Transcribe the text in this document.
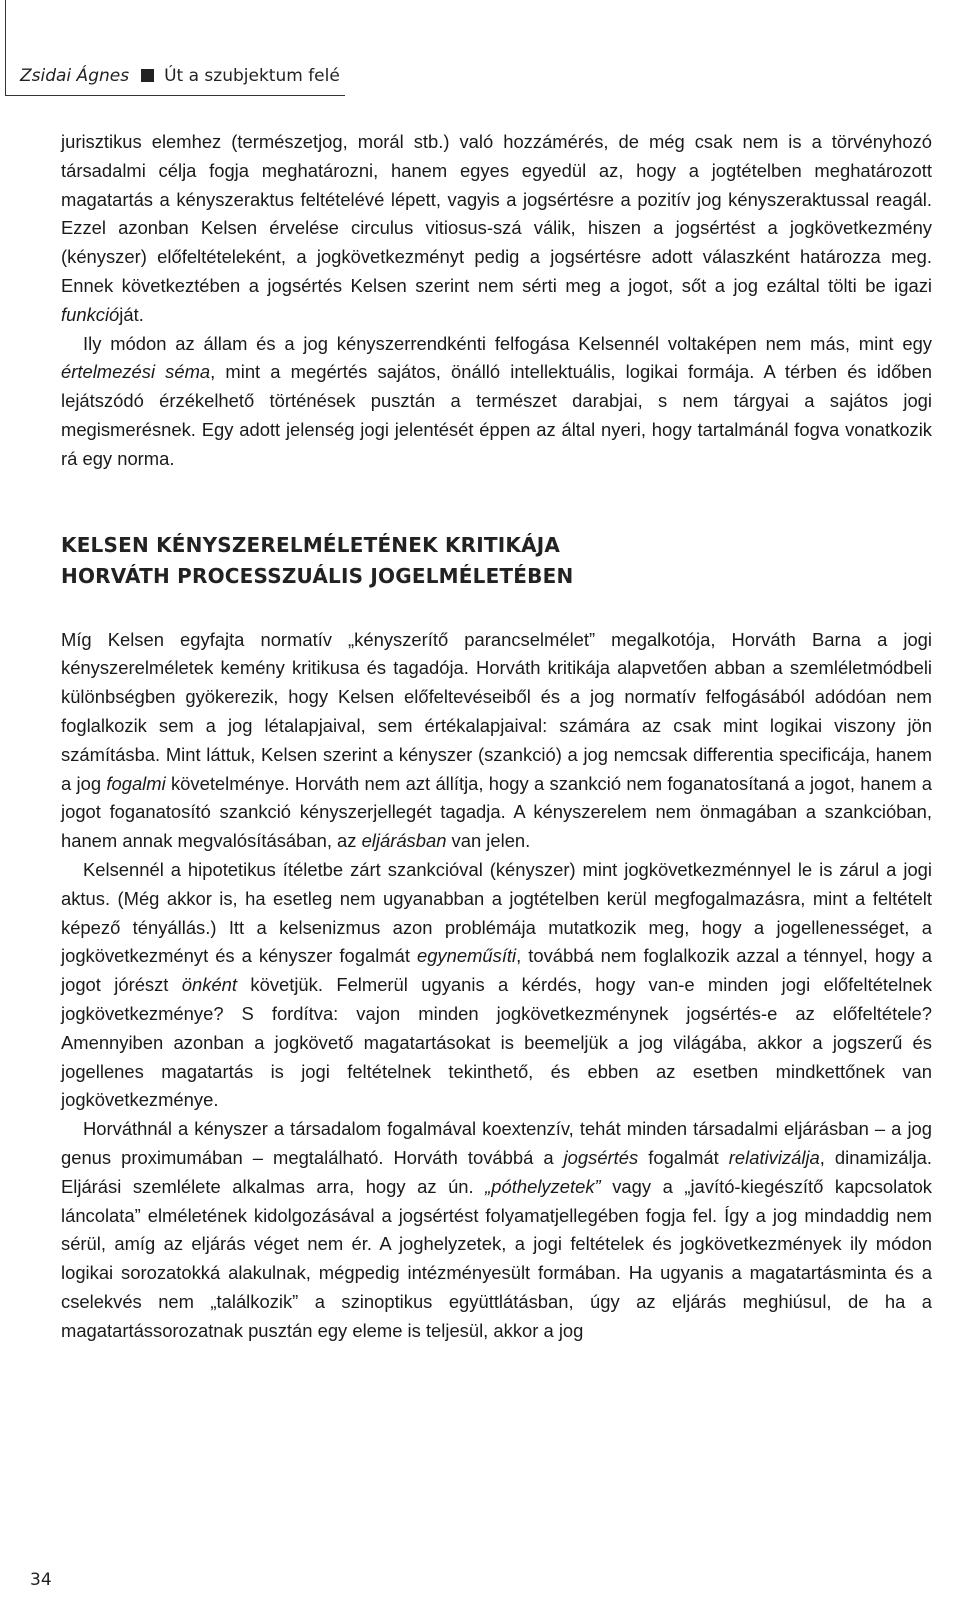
Zsidai Ágnes Út a szubjektum felé

jurisztikus elemhez (természetjog, morál stb.) való hozzámérés, de még csak nem is a törvényhozó társadalmi célja fogja meghatározni, hanem egyes egyedül az, hogy a jogtételben meghatározott magatartás a kényszeraktus feltételévé lépett, vagyis a jogsértésre a pozitív jog kényszeraktussal reagál. Ezzel azonban Kelsen érvelése circulus vitiosus-szá válik, hiszen a jogsértést a jogkövetkezmény (kényszer) előfeltételeként, a jogkövetkezményt pedig a jogsértésre adott válaszként határozza meg. Ennek következtében a jogsértés Kelsen szerint nem sérti meg a jogot, sőt a jog ezáltal tölti be igazi funkcióját.

Ily módon az állam és a jog kényszerrendkénti felfogása Kelsennél voltaképen nem más, mint egy értelmezési séma, mint a megértés sajátos, önálló intellektuális, logikai formája. A térben és időben lejátszódó érzékelhető történések pusztán a természet darabjai, s nem tárgyai a sajátos jogi megismerésnek. Egy adott jelenség jogi jelentését éppen az által nyeri, hogy tartalmánál fogva vonatkozik rá egy norma.

KELSEN KÉNYSZERELMÉLETÉNEK KRITIKÁJA
HORVÁTH PROCESSZUÁLIS JOGELMÉLETÉBEN

Míg Kelsen egyfajta normatív „kényszerítő parancselmélet” megalkotója, Horváth Barna a jogi kényszerelméletek kemény kritikusa és tagadója. Horváth kritikája alapvetően abban a szemléletmódbeli különbségben gyökerezik, hogy Kelsen előfeltevéseiből és a jog normatív felfogásából adódóan nem foglalkozik sem a jog létalapjaival, sem értékalapjaival: számára az csak mint logikai viszony jön számításba. Mint láttuk, Kelsen szerint a kényszer (szankció) a jog nemcsak differentia specificája, hanem a jog fogalmi követelménye. Horváth nem azt állítja, hogy a szankció nem foganatosítaná a jogot, hanem a jogot foganatosító szankció kényszerjellegét tagadja. A kényszerelem nem önmagában a szankcióban, hanem annak megvalósításában, az eljárásban van jelen.

Kelsennél a hipotetikus ítéletbe zárt szankcióval (kényszer) mint jogkövetkezménnyel le is zárul a jogi aktus. (Még akkor is, ha esetleg nem ugyanabban a jogtételben kerül megfogalmazásra, mint a feltételt képező tényállás.) Itt a kelsenizmus azon problémája mutatkozik meg, hogy a jogellenességet, a jogkövetkezményt és a kényszer fogalmát egyneműsíti, továbbá nem foglalkozik azzal a ténnyel, hogy a jogot jórészt önként követjük. Felmerül ugyanis a kérdés, hogy van-e minden jogi előfeltételnek jogkövetkezménye? S fordítva: vajon minden jogkövetkezménynek jogsértés-e az előfeltétele? Amennyiben azonban a jogkövető magatartásokat is beemeljük a jog világába, akkor a jogszerű és jogellenes magatartás is jogi feltételnek tekinthető, és ebben az esetben mindkettőnek van jogkövetkezménye.

Horváthnál a kényszer a társadalom fogalmával koextenzív, tehát minden társadalmi eljárásban – a jog genus proximumában – megtalálható. Horváth továbbá a jogsértés fogalmát relativizálja, dinamizálja. Eljárási szemlélete alkalmas arra, hogy az ún. „póthelyzetek” vagy a „javító-kiegészítő kapcsolatok láncolata” elméletének kidolgozásával a jogsértést folyamatjellegében fogja fel. Így a jog mindaddig nem sérül, amíg az eljárás véget nem ér. A joghelyzetek, a jogi feltételek és jogkövetkezmények ily módon logikai sorozatokká alakulnak, mégpedig intézményesült formában. Ha ugyanis a magatartásminta és a cselekvés nem „találkozik” a szinoptikus együttlátásban, úgy az eljárás meghiúsul, de ha a magatartássorozatnak pusztán egy eleme is teljesül, akkor a jog

34
